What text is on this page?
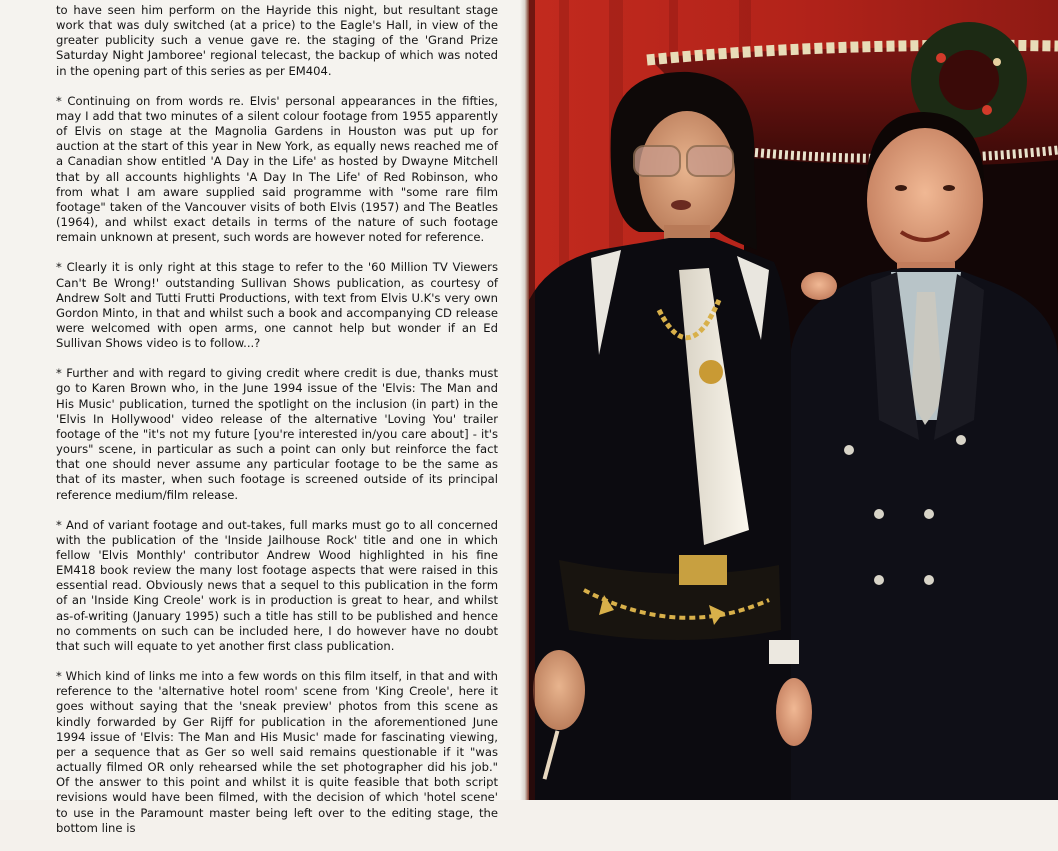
to have seen him perform on the Hayride this night, but resultant stage work that was duly switched (at a price) to the Eagle's Hall, in view of the greater publicity such a venue gave re. the staging of the 'Grand Prize Saturday Night Jamboree' regional telecast, the backup of which was noted in the opening part of this series as per EM404.

* Continuing on from words re. Elvis' personal appearances in the fifties, may I add that two minutes of a silent colour footage from 1955 apparently of Elvis on stage at the Magnolia Gardens in Houston was put up for auction at the start of this year in New York, as equally news reached me of a Canadian show entitled 'A Day in the Life' as hosted by Dwayne Mitchell that by all accounts highlights 'A Day In The Life' of Red Robinson, who from what I am aware supplied said programme with "some rare film footage" taken of the Vancouver visits of both Elvis (1957) and The Beatles (1964), and whilst exact details in terms of the nature of such footage remain unknown at present, such words are however noted for reference.

* Clearly it is only right at this stage to refer to the '60 Million TV Viewers Can't Be Wrong!' outstanding Sullivan Shows publication, as courtesy of Andrew Solt and Tutti Frutti Productions, with text from Elvis U.K's very own Gordon Minto, in that and whilst such a book and accompanying CD release were welcomed with open arms, one cannot help but wonder if an Ed Sullivan Shows video is to follow...?

* Further and with regard to giving credit where credit is due, thanks must go to Karen Brown who, in the June 1994 issue of the 'Elvis: The Man and His Music' publication, turned the spotlight on the inclusion (in part) in the 'Elvis In Hollywood' video release of the alternative 'Loving You' trailer footage of the "it's not my future [you're interested in/you care about] - it's yours" scene, in particular as such a point can only but reinforce the fact that one should never assume any particular footage to be the same as that of its master, when such footage is screened outside of its principal reference medium/film release.

* And of variant footage and out-takes, full marks must go to all concerned with the publication of the 'Inside Jailhouse Rock' title and one in which fellow 'Elvis Monthly' contributor Andrew Wood highlighted in his fine EM418 book review the many lost footage aspects that were raised in this essential read. Obviously news that a sequel to this publication in the form of an 'Inside King Creole' work is in production is great to hear, and whilst as-of-writing (January 1995) such a title has still to be published and hence no comments on such can be included here, I do however have no doubt that such will equate to yet another first class publication.

* Which kind of links me into a few words on this film itself, in that and with reference to the 'alternative hotel room' scene from 'King Creole', here it goes without saying that the 'sneak preview' photos from this scene as kindly forwarded by Ger Rijff for publication in the aforementioned June 1994 issue of 'Elvis: The Man and His Music' made for fascinating viewing, per a sequence that as Ger so well said remains questionable if it "was actually filmed OR only rehearsed while the set photographer did his job." Of the answer to this point and whilst it is quite feasible that both script revisions would have been filmed, with the decision of which 'hotel scene' to use in the Paramount master being left over to the editing stage, the bottom line is
